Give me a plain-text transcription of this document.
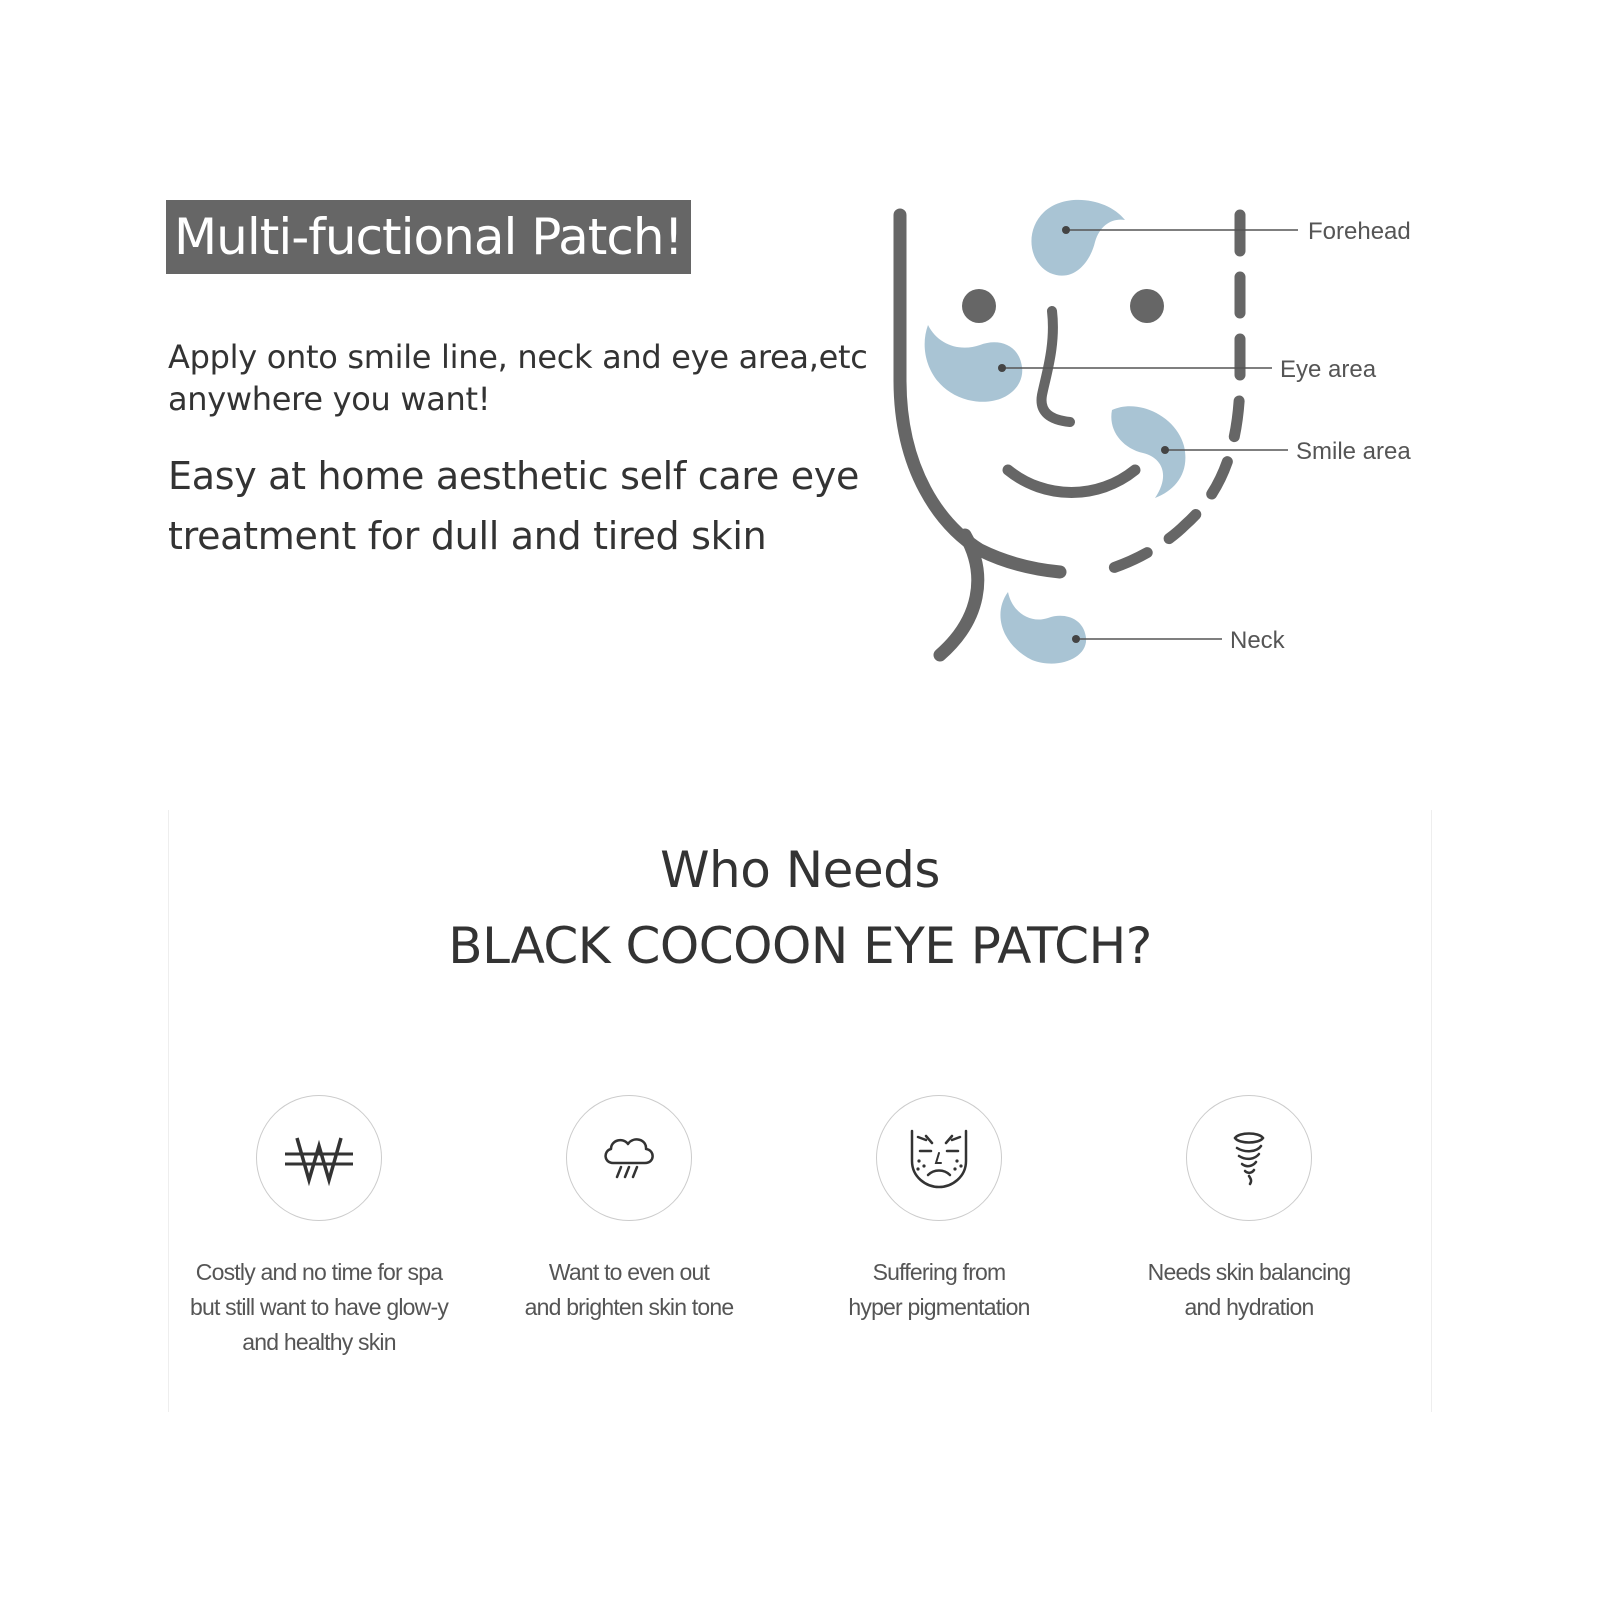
Multi-fuctional Patch!
Apply onto smile line, neck and eye area,etc
anywhere you want!
Easy at home aesthetic self care eye
treatment for dull and tired skin
Forehead
Eye area
Smile area
Neck
Who Needs
BLACK COCOON EYE PATCH?
Costly and no time for spa
but still want to have glow-y
and healthy skin
Want to even out
and brighten skin tone
Suffering from
hyper pigmentation
Needs skin balancing
and hydration
